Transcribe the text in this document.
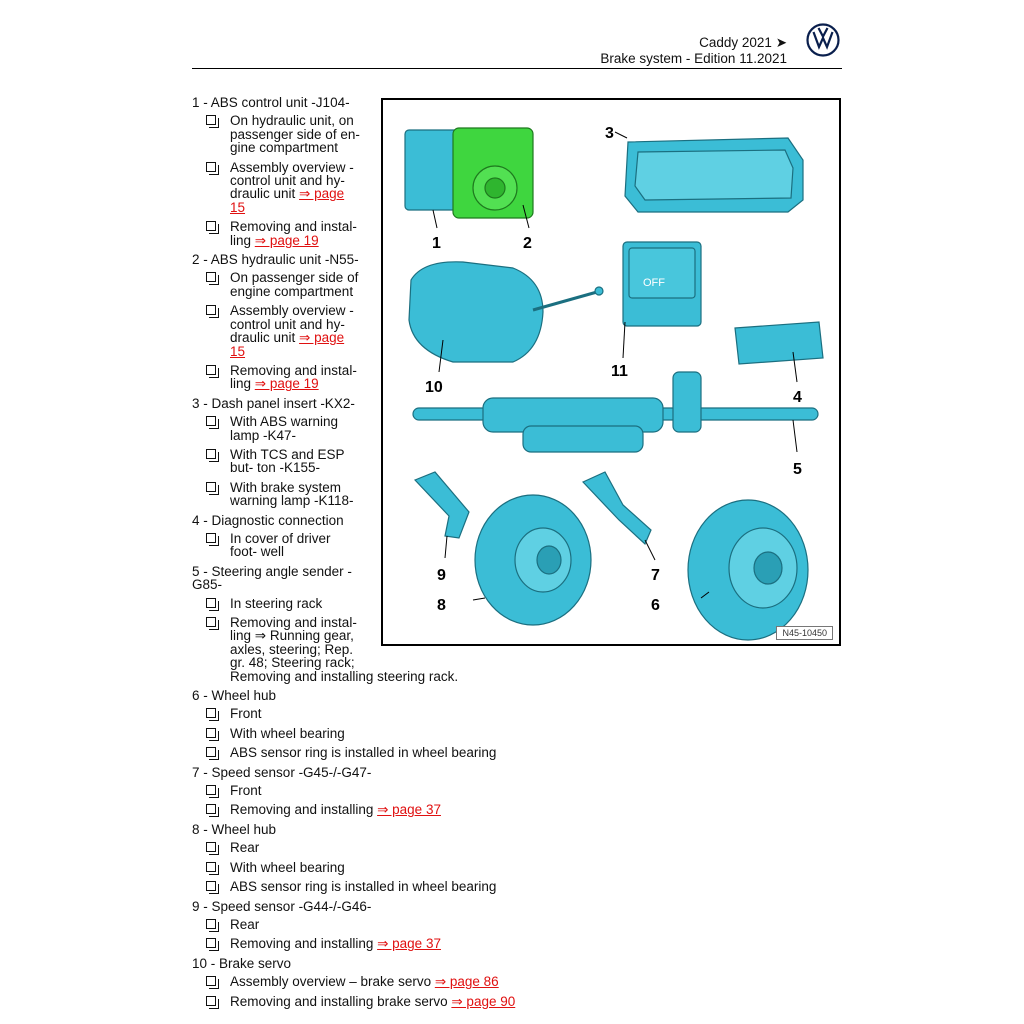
Caddy 2021 ➤
Brake system - Edition 11.2021
1 - ABS control unit -J104-
On hydraulic unit, on passenger side of en- gine compartment
Assembly overview - control unit and hy- draulic unit ⇒ page 15
Removing and instal- ling ⇒ page 19
2 - ABS hydraulic unit -N55-
On passenger side of engine compartment
Assembly overview - control unit and hy- draulic unit ⇒ page 15
Removing and instal- ling ⇒ page 19
3 - Dash panel insert -KX2-
With ABS warning lamp -K47-
With TCS and ESP but- ton -K155-
With brake system warning lamp -K118-
4 - Diagnostic connection
In cover of driver foot- well
5 - Steering angle sender - G85-
In steering rack
Removing and instal- ling ⇒ Running gear, axles, steering; Rep. gr. 48; Steering rack;
Removing and installing steering rack.
6 - Wheel hub
Front
With wheel bearing
ABS sensor ring is installed in wheel bearing
7 - Speed sensor -G45-/-G47-
Front
Removing and installing ⇒ page 37
8 - Wheel hub
Rear
With wheel bearing
ABS sensor ring is installed in wheel bearing
9 - Speed sensor -G44-/-G46-
Rear
Removing and installing ⇒ page 37
10 - Brake servo
Assembly overview – brake servo ⇒ page 86
Removing and installing brake servo ⇒ page 90
OFF
1	2
3
4
5
6
7
8
9
10
11
N45-10450
